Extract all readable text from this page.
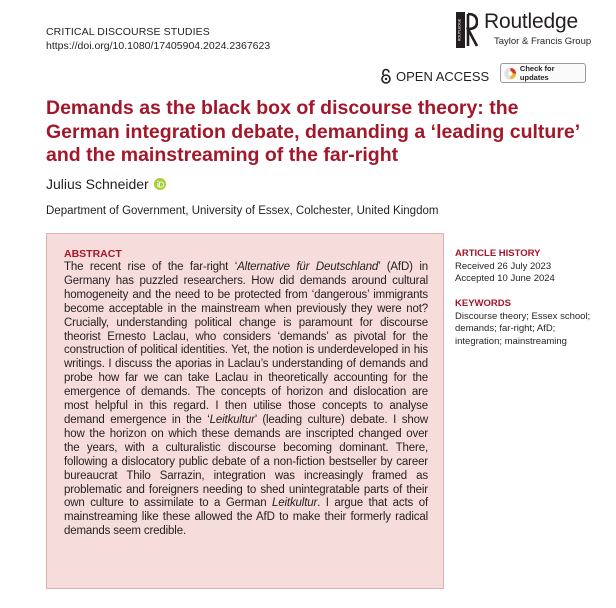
CRITICAL DISCOURSE STUDIES
https://doi.org/10.1080/17405904.2024.2367623
ROUTLEDGE Routledge
Taylor & Francis Group
OPEN ACCESS	Check for updates
Demands as the black box of discourse theory: the German integration debate, demanding a ‘leading culture’ and the mainstreaming of the far-right
Julius Schneider
Department of Government, University of Essex, Colchester, United Kingdom
ABSTRACT

The recent rise of the far-right ‘Alternative für Deutschland’ (AfD) in Germany has puzzled researchers. How did demands around cultural homogeneity and the need to be protected from ‘dangerous’ immigrants become acceptable in the mainstream when previously they were not? Crucially, understanding political change is paramount for discourse theorist Ernesto Laclau, who considers ‘demands’ as pivotal for the construction of political identities. Yet, the notion is underdeveloped in his writings. I discuss the aporias in Laclau’s understanding of demands and probe how far we can take Laclau in theoretically accounting for the emergence of demands. The concepts of horizon and dislocation are most helpful in this regard. I then utilise those concepts to analyse demand emergence in the ‘Leitkultur’ (leading culture) debate. I show how the horizon on which these demands are inscripted changed over the years, with a culturalistic discourse becoming dominant. There, following a dislocatory public debate of a non-fiction bestseller by career bureaucrat Thilo Sarrazin, integration was increasingly framed as problematic and foreigners needing to shed unintegratable parts of their own culture to assimilate to a German Leitkultur. I argue that acts of mainstreaming like these allowed the AfD to make their formerly radical demands seem credible.

ARTICLE HISTORY
Received 26 July 2023
Accepted 10 June 2024
KEYWORDS
Discourse theory; Essex school; demands; far-right; AfD; integration; mainstreaming
